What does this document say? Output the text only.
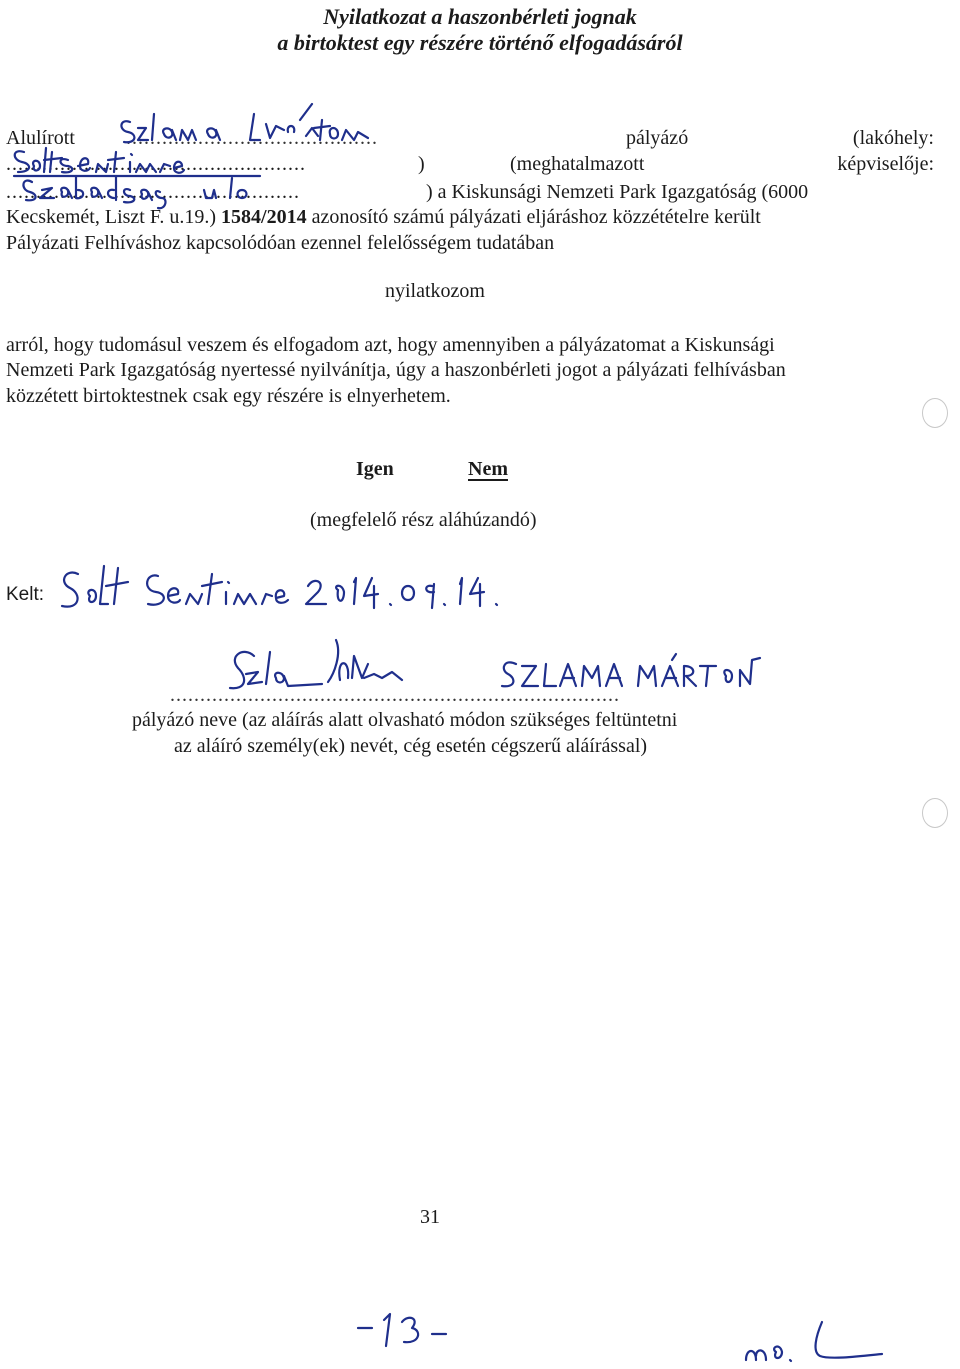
Nyilatkozat a haszonbérleti jognak
a birtoktest egy részére történő elfogadásáról
Alulírott	..........................................	pályázó	(lakóhely:
..................................................	)	(meghatalmazott	képviselője:
.................................................	) a Kiskunsági Nemzeti Park Igazgatóság (6000
Kecskemét, Liszt F. u.19.) 1584/2014 azonosító számú pályázati eljáráshoz közzétételre került
Pályázati Felhíváshoz kapcsolódóan ezennel felelősségem tudatában
nyilatkozom
arról, hogy tudomásul veszem és elfogadom azt, hogy amennyiben a pályázatomat a Kiskunsági
Nemzeti Park Igazgatóság nyertessé nyilvánítja, úgy a haszonbérleti jogot a pályázati felhívásban
közzétett birtoktestnek csak egy részére is elnyerhetem.
Igen	Nem
(megfelelő rész aláhúzandó)
Kelt:
...........................................................................
pályázó neve (az aláírás alatt olvasható módon szükséges feltüntetni
az aláíró személy(ek) nevét, cég esetén cégszerű aláírással)
31
